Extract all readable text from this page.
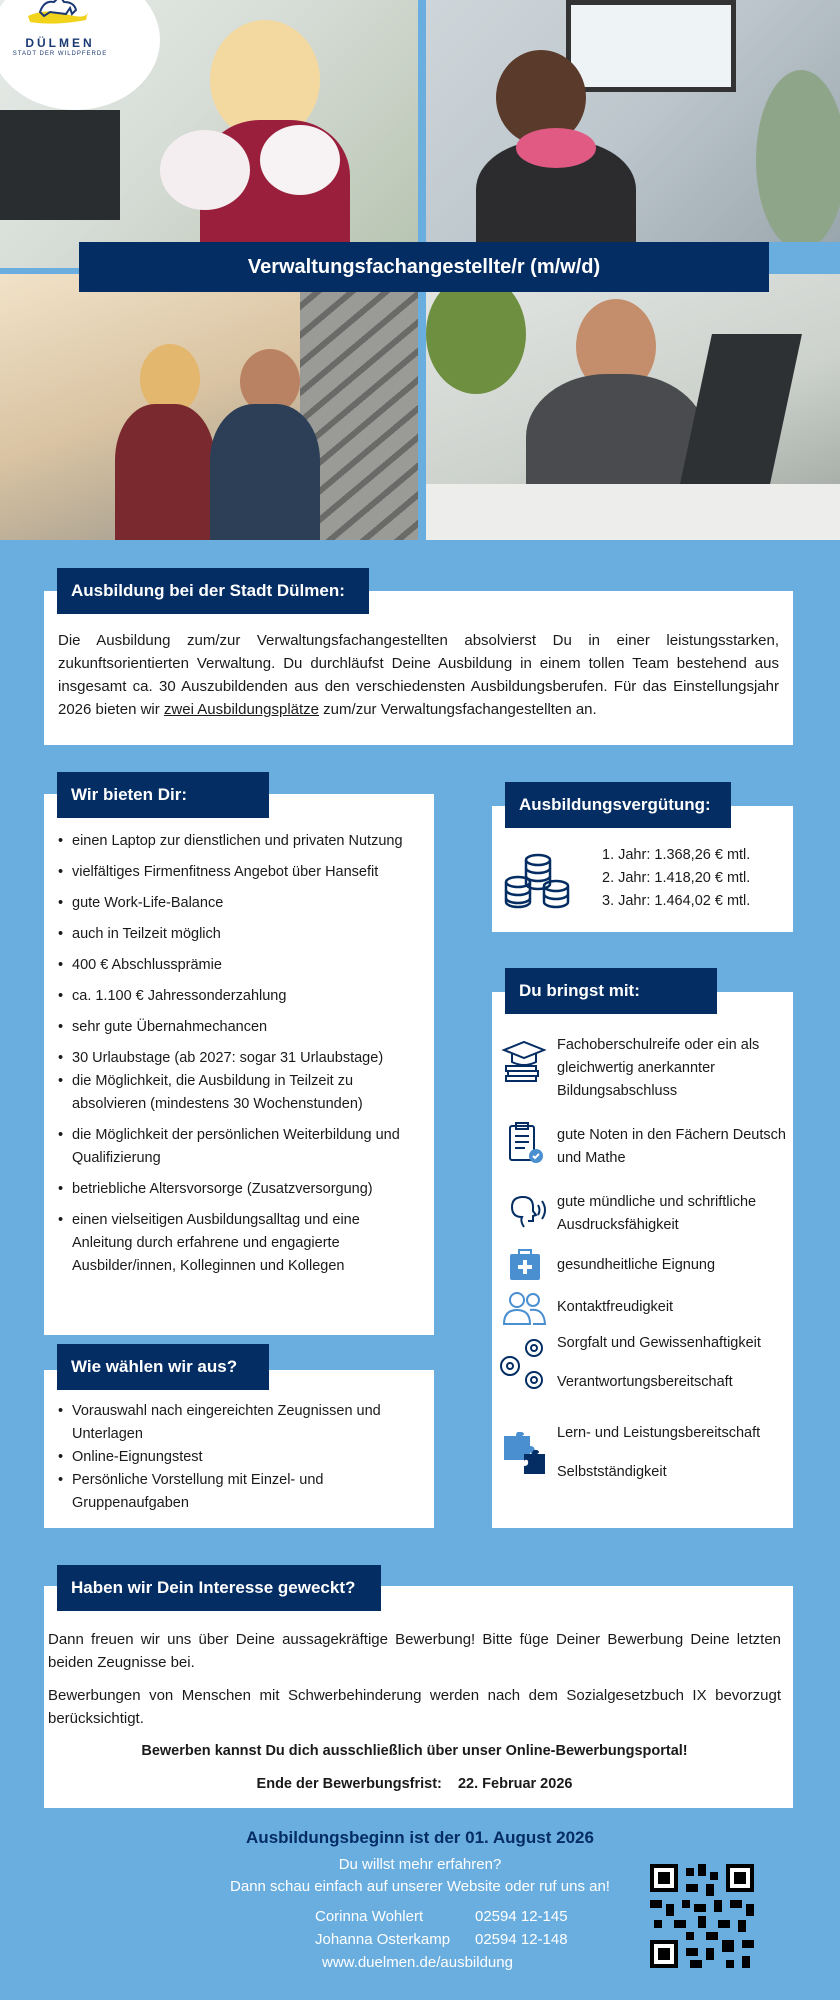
DÜLMEN
STADT DER WILDPFERDE
Verwaltungsfachangestellte/r (m/w/d)

Die Ausbildung zum/zur Verwaltungsfachangestellten absolvierst Du in einer leistungsstarken, zukunftsorientierten Verwaltung. Du durchläufst Deine Ausbildung in einem tollen Team bestehend aus insgesamt ca. 30 Auszubildenden aus den verschiedensten Ausbildungsberufen. Für das Einstellungsjahr 2026 bieten wir zwei Ausbildungsplätze zum/zur Verwaltungsfachangestellten an.

Ausbildung bei der Stadt Dülmen:
• einen Laptop zur dienstlichen und privaten Nutzung
• vielfältiges Firmenfitness Angebot über Hansefit
• gute Work-Life-Balance
• auch in Teilzeit möglich
• 400 € Abschlussprämie
• ca. 1.100 € Jahressonderzahlung
• sehr gute Übernahmechancen
• 30 Urlaubstage (ab 2027: sogar 31 Urlaubstage)
• die Möglichkeit, die Ausbildung in Teilzeit zu absolvieren (mindestens 30 Wochenstunden)
• die Möglichkeit der persönlichen Weiterbildung und Qualifizierung
• betriebliche Altersvorsorge (Zusatzversorgung)
• einen vielseitigen Ausbildungsalltag und eine Anleitung durch erfahrene und engagierte Ausbilder/innen, Kolleginnen und Kollegen
Wir bieten Dir:
1. Jahr: 1.368,26 € mtl.
2. Jahr: 1.418,20 € mtl.
3. Jahr: 1.464,02 € mtl.
Ausbildungsvergütung:
Fachoberschulreife oder ein als gleichwertig anerkannter Bildungsabschluss
gute Noten in den Fächern Deutsch und Mathe
gute mündliche und schriftliche Ausdrucksfähigkeit
gesundheitliche Eignung
Kontaktfreudigkeit
Sorgfalt und Gewissenhaftigkeit
Verantwortungsbereitschaft
Lern- und Leistungsbereitschaft
Selbstständigkeit
Du bringst mit:
• Vorauswahl nach eingereichten Zeugnissen und Unterlagen
• Online-Eignungstest
• Persönliche Vorstellung mit Einzel- und Gruppenaufgaben
Wie wählen wir aus?

Dann freuen wir uns über Deine aussagekräftige Bewerbung! Bitte füge Deiner Bewerbung Deine letzten beiden Zeugnisse bei.

Bewerbungen von Menschen mit Schwerbehinderung werden nach dem Sozialgesetzbuch IX bevorzugt berücksichtigt.

Bewerben kannst Du dich ausschließlich über unser Online-Bewerbungsportal!

Ende der Bewerbungsfrist: 22. Februar 2026

Haben wir Dein Interesse geweckt?
Ausbildungsbeginn ist der 01. August 2026
Du willst mehr erfahren?
Dann schau einfach auf unserer Website oder ruf uns an!
Corinna Wohlert	02594 12-145
Johanna Osterkamp 02594 12-148
www.duelmen.de/ausbildung
